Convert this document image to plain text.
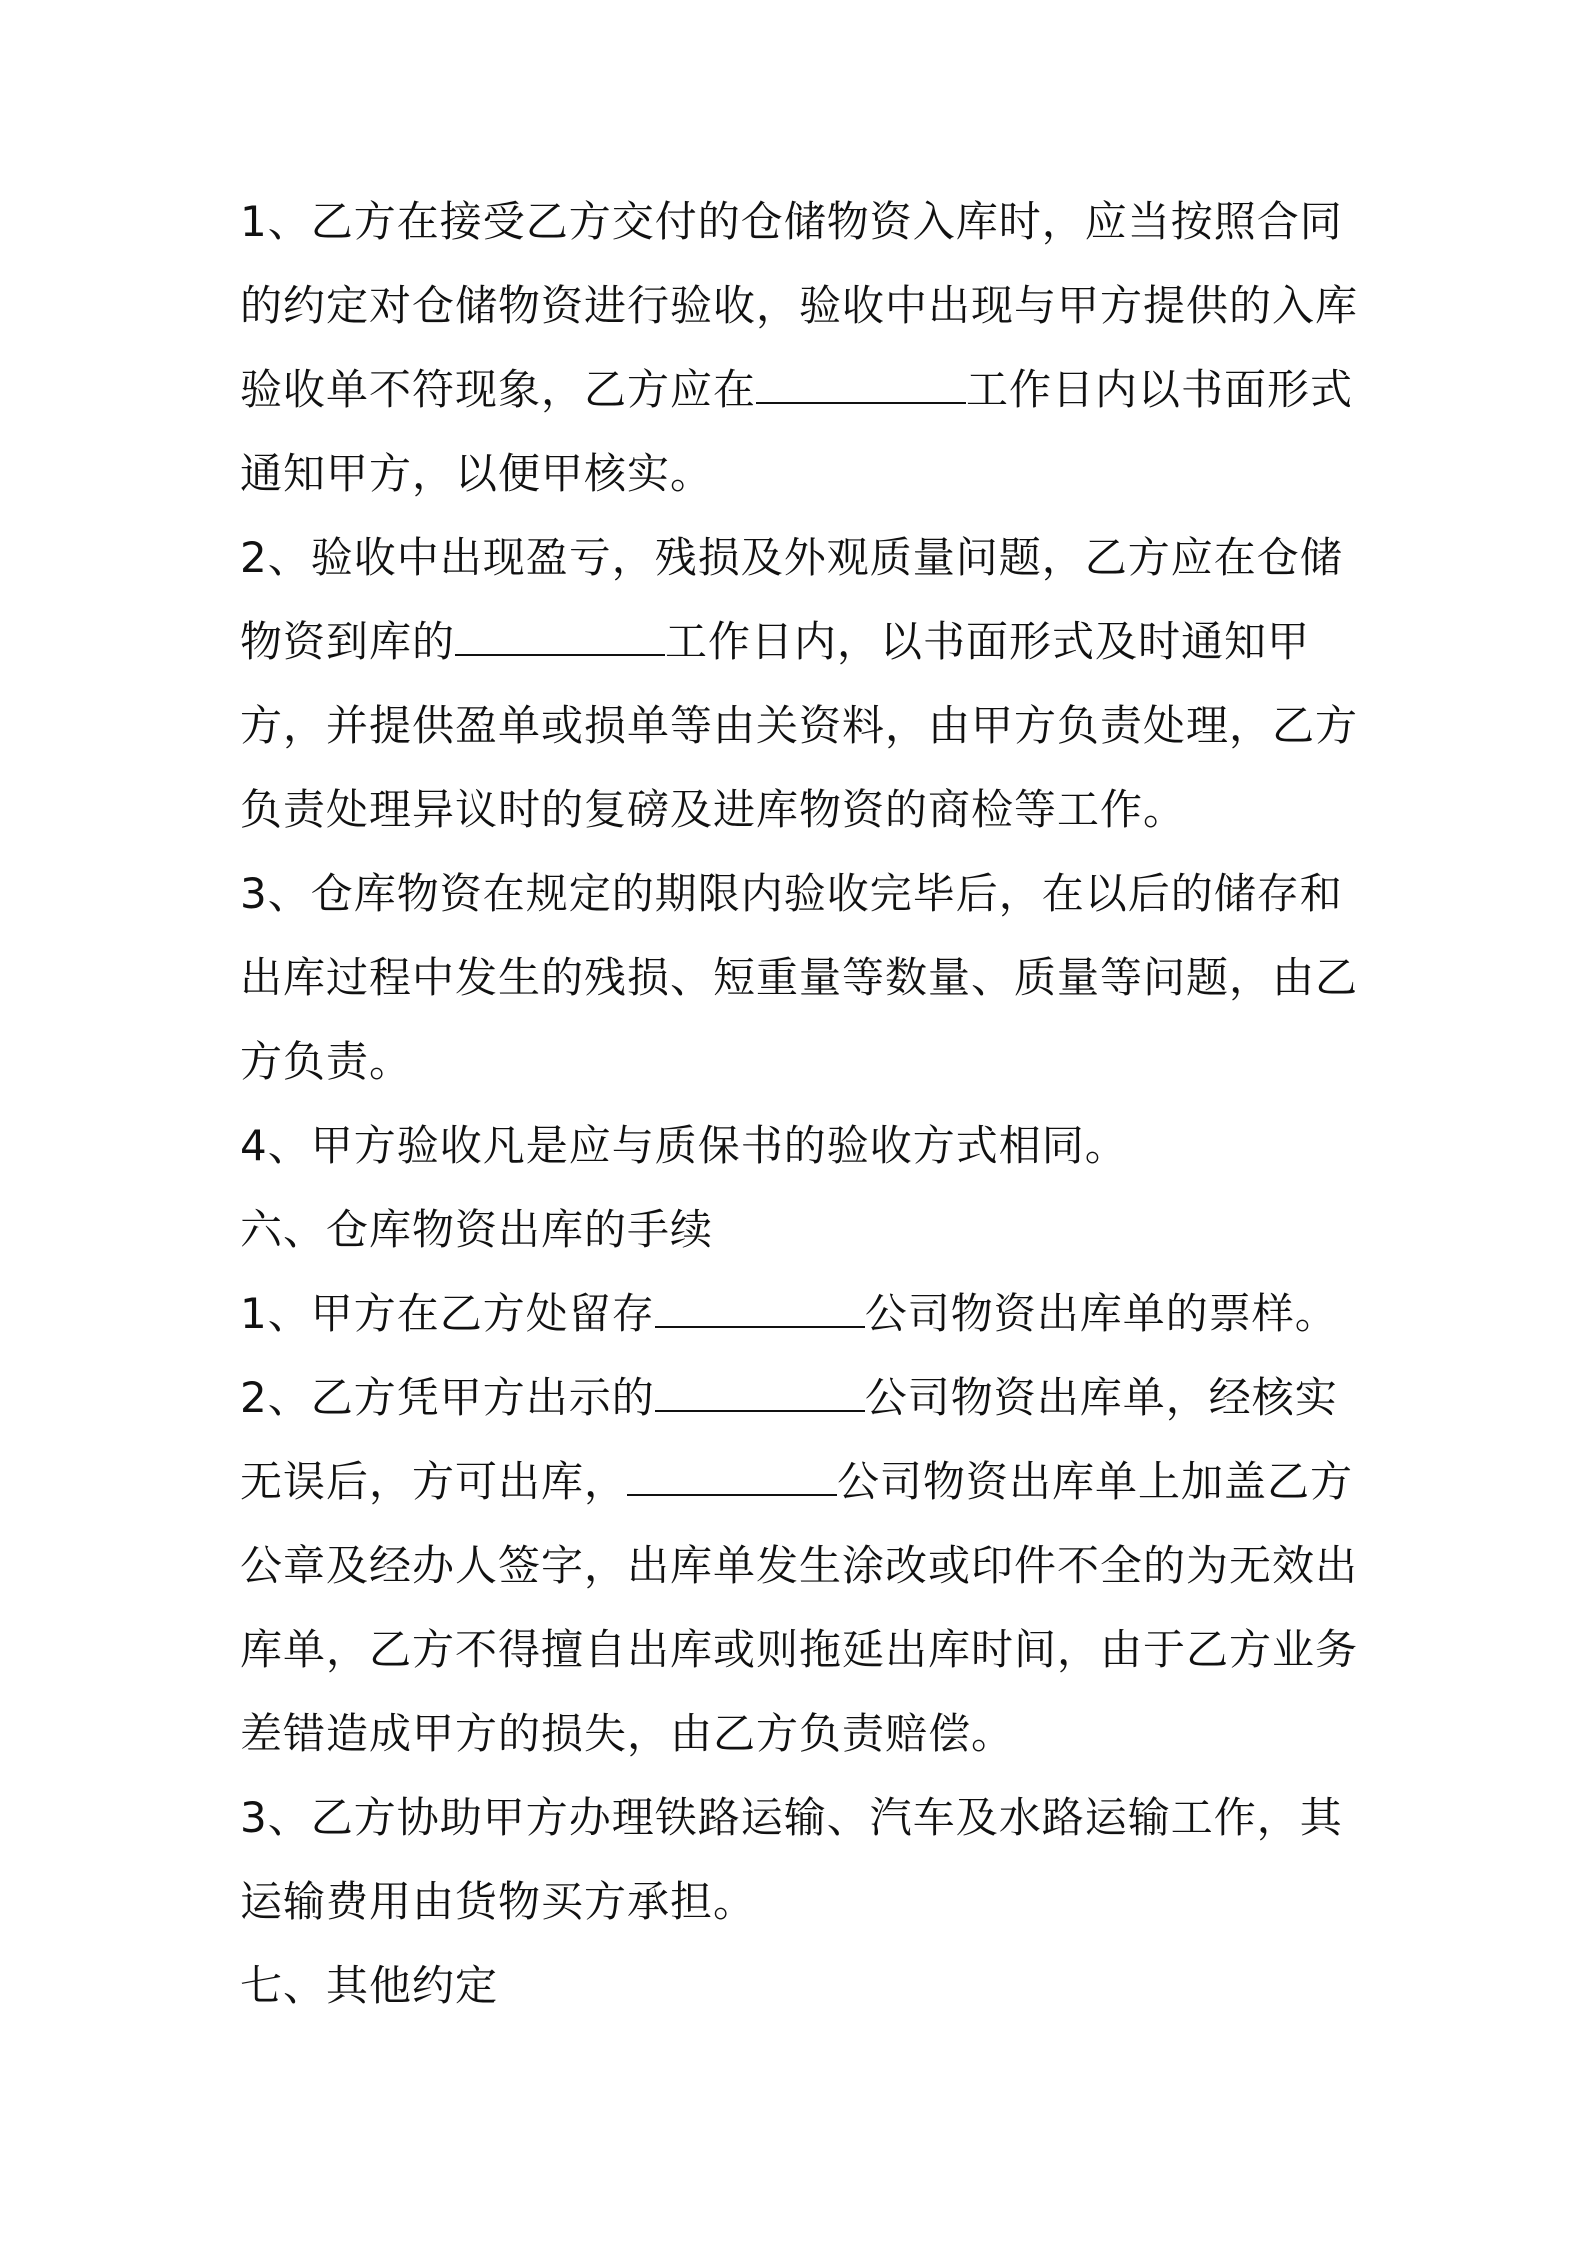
1、乙方在接受乙方交付的仓储物资入库时，应当按照合同的约定对仓储物资进行验收，验收中出现与甲方提供的入库验收单不符现象，乙方应在	工作日内以书面形式通知甲方，以便甲核实。

2、验收中出现盈亏，残损及外观质量问题，乙方应在仓储物资到库的	工作日内，以书面形式及时通知甲方，并提供盈单或损单等由关资料，由甲方负责处理，乙方负责处理异议时的复磅及进库物资的商检等工作。

3、仓库物资在规定的期限内验收完毕后，在以后的储存和出库过程中发生的残损、短重量等数量、质量等问题，由乙方负责。

4、甲方验收凡是应与质保书的验收方式相同。

六、仓库物资出库的手续

1、甲方在乙方处留存	公司物资出库单的票样。

2、乙方凭甲方出示的	公司物资出库单，经核实无误后，方可出库，	公司物资出库单上加盖乙方公章及经办人签字，出库单发生涂改或印件不全的为无效出库单，乙方不得擅自出库或则拖延出库时间，由于乙方业务差错造成甲方的损失，由乙方负责赔偿。

3、乙方协助甲方办理铁路运输、汽车及水路运输工作，其运输费用由货物买方承担。

七、其他约定
